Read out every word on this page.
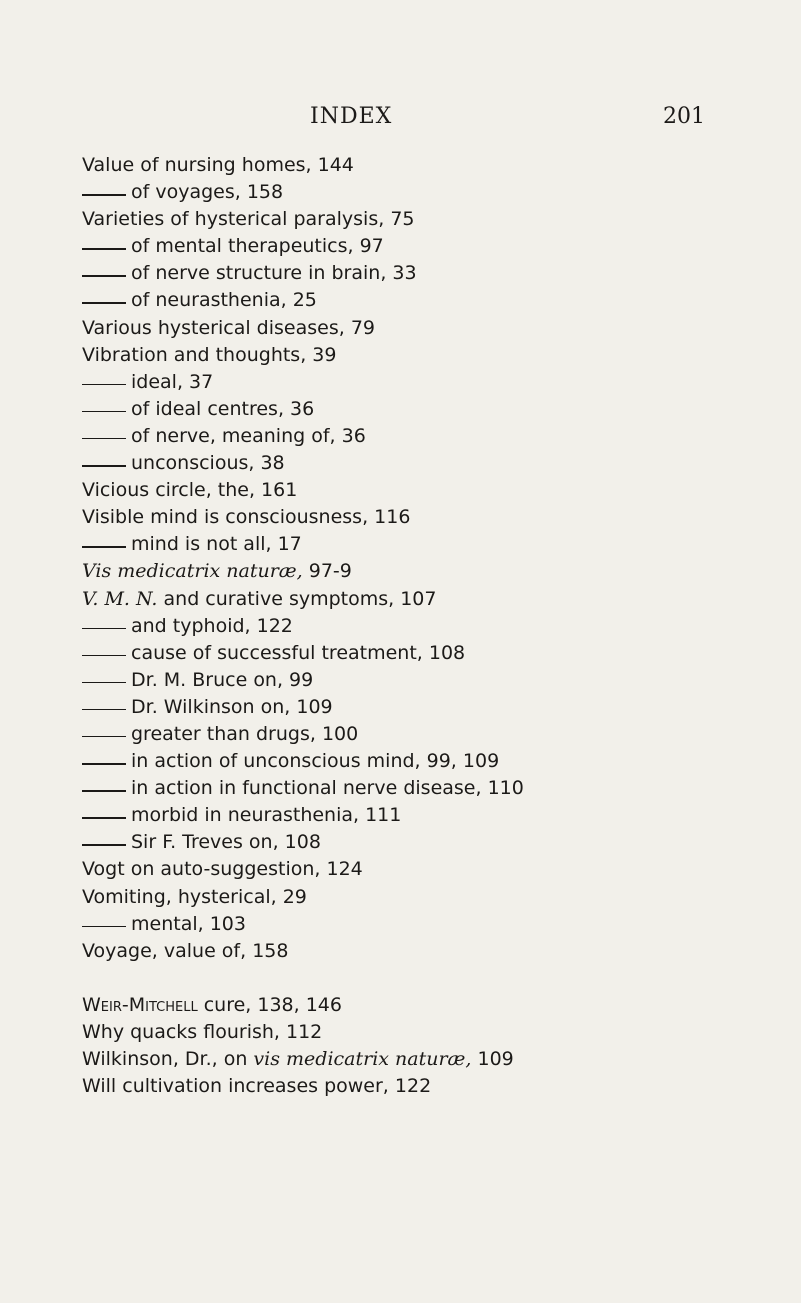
INDEX	201
Value of nursing homes, 144
of voyages, 158
Varieties of hysterical paralysis, 75
of mental therapeutics, 97
of nerve structure in brain, 33
of neurasthenia, 25
Various hysterical diseases, 79
Vibration and thoughts, 39
ideal, 37
of ideal centres, 36
of nerve, meaning of, 36
unconscious, 38
Vicious circle, the, 161
Visible mind is consciousness, 116
mind is not all, 17
Vis medicatrix naturæ, 97-9
V. M. N. and curative symptoms, 107
and typhoid, 122
cause of successful treatment, 108
Dr. M. Bruce on, 99
Dr. Wilkinson on, 109
greater than drugs, 100
in action of unconscious mind, 99, 109
in action in functional nerve disease, 110
morbid in neurasthenia, 111
Sir F. Treves on, 108
Vogt on auto-suggestion, 124
Vomiting, hysterical, 29
mental, 103
Voyage, value of, 158
Weir-Mitchell cure, 138, 146
Why quacks flourish, 112
Wilkinson, Dr., on vis medicatrix naturæ, 109
Will cultivation increases power, 122
